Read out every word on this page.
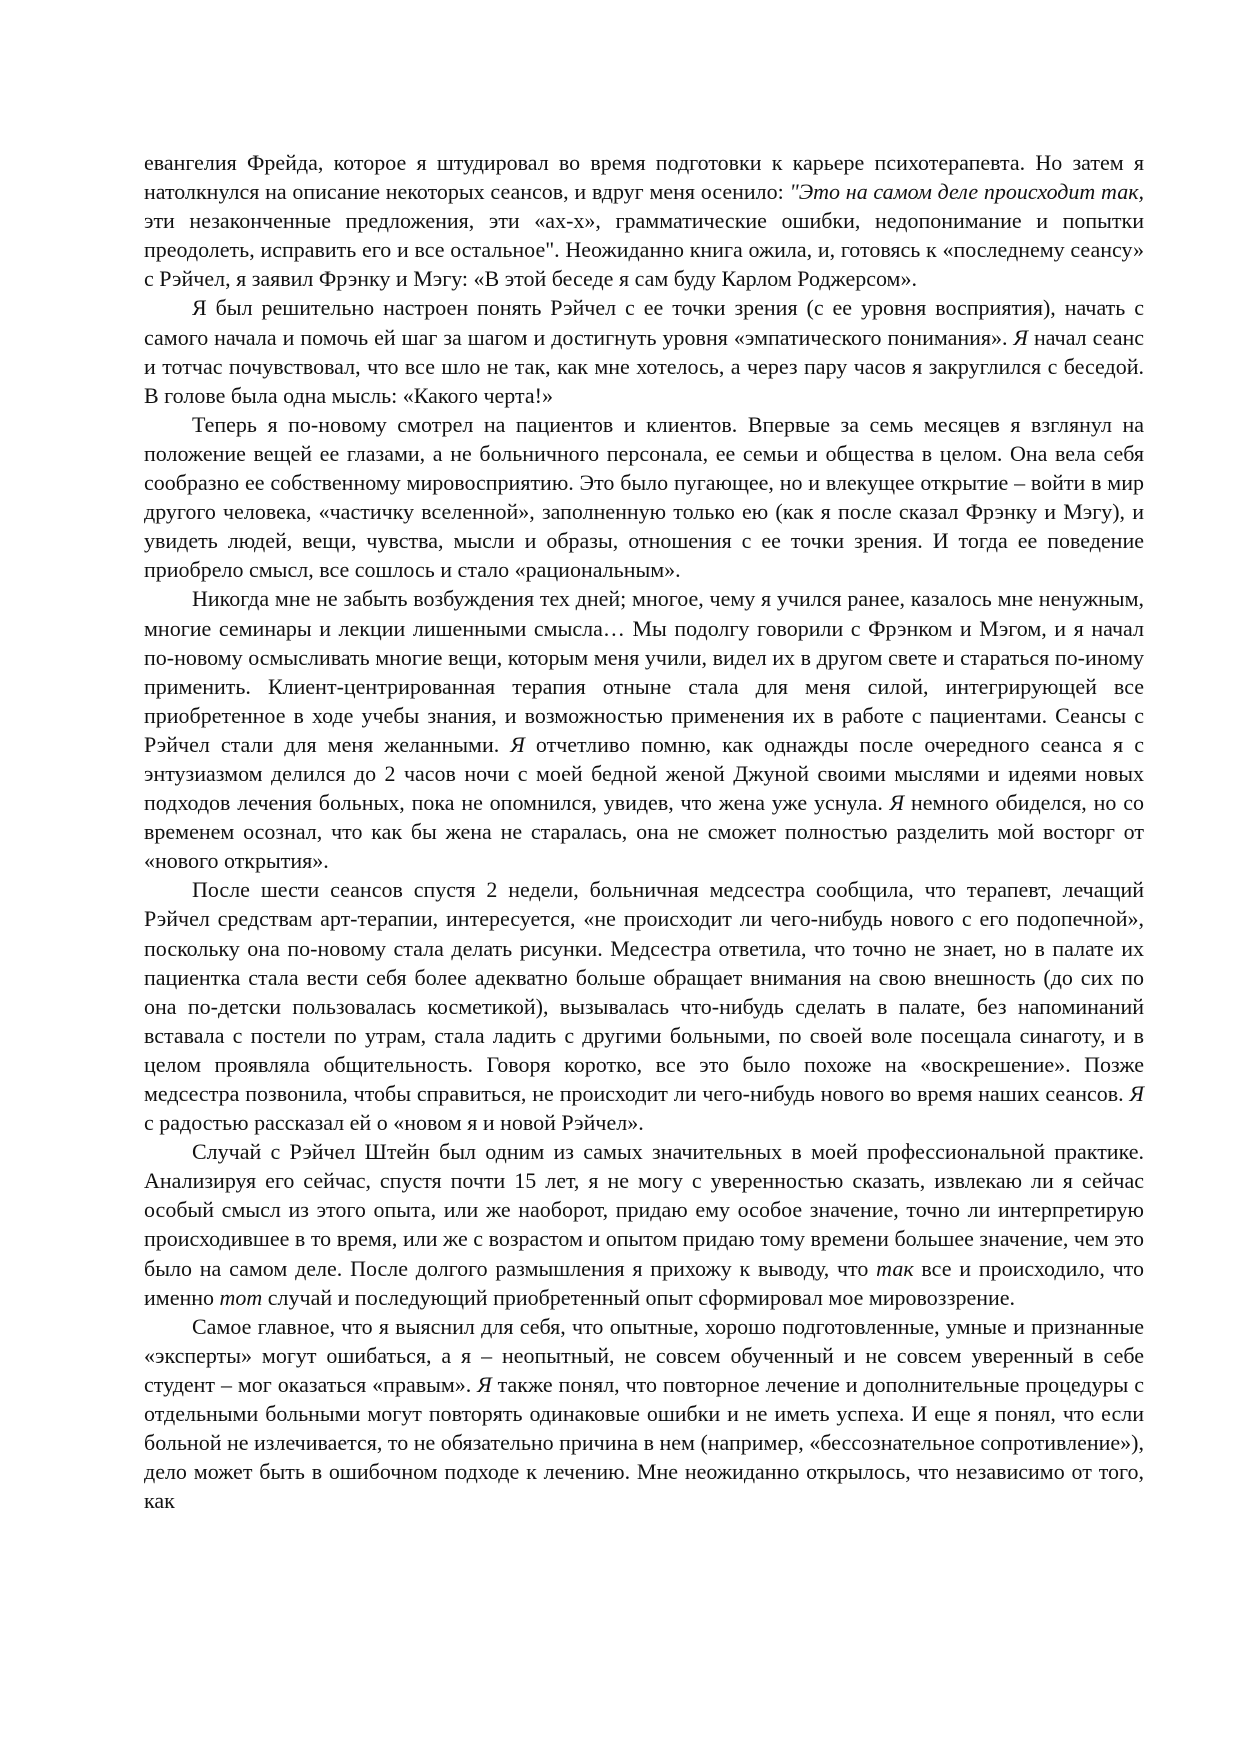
евангелия Фрейда, которое я штудировал во время подготовки к карьере психотерапевта. Но затем я натолкнулся на описание некоторых сеансов, и вдруг меня осенило: "Это на самом деле происходит так, эти незаконченные предложения, эти «ах-х», грамматические ошибки, недопонимание и попытки преодолеть, исправить его и все остальное". Неожиданно книга ожила, и, готовясь к «последнему сеансу» с Рэйчел, я заявил Фрэнку и Мэгу: «В этой беседе я сам буду Карлом Роджерсом».

Я был решительно настроен понять Рэйчел с ее точки зрения (с ее уровня восприятия), начать с самого начала и помочь ей шаг за шагом и достигнуть уровня «эмпатического понимания». Я начал сеанс и тотчас почувствовал, что все шло не так, как мне хотелось, а через пару часов я закруглился с беседой. В голове была одна мысль: «Какого черта!»

Теперь я по-новому смотрел на пациентов и клиентов. Впервые за семь месяцев я взглянул на положение вещей ее глазами, а не больничного персонала, ее семьи и общества в целом. Она вела себя сообразно ее собственному мировосприятию. Это было пугающее, но и влекущее открытие – войти в мир другого человека, «частичку вселенной», заполненную только ею (как я после сказал Фрэнку и Мэгу), и увидеть людей, вещи, чувства, мысли и образы, отношения с ее точки зрения. И тогда ее поведение приобрело смысл, все сошлось и стало «рациональным».

Никогда мне не забыть возбуждения тех дней; многое, чему я учился ранее, казалось мне ненужным, многие семинары и лекции лишенными смысла… Мы подолгу говорили с Фрэнком и Мэгом, и я начал по-новому осмысливать многие вещи, которым меня учили, видел их в другом свете и стараться по-иному применить. Клиент-центрированная терапия отныне стала для меня силой, интегрирующей все приобретенное в ходе учебы знания, и возможностью применения их в работе с пациентами. Сеансы с Рэйчел стали для меня желанными. Я отчетливо помню, как однажды после очередного сеанса я с энтузиазмом делился до 2 часов ночи с моей бедной женой Джуной своими мыслями и идеями новых подходов лечения больных, пока не опомнился, увидев, что жена уже уснула. Я немного обиделся, но со временем осознал, что как бы жена не старалась, она не сможет полностью разделить мой восторг от «нового открытия».

После шести сеансов спустя 2 недели, больничная медсестра сообщила, что терапевт, лечащий Рэйчел средствам арт-терапии, интересуется, «не происходит ли чего-нибудь нового с его подопечной», поскольку она по-новому стала делать рисунки. Медсестра ответила, что точно не знает, но в палате их пациентка стала вести себя более адекватно больше обращает внимания на свою внешность (до сих по она по-детски пользовалась косметикой), вызывалась что-нибудь сделать в палате, без напоминаний вставала с постели по утрам, стала ладить с другими больными, по своей воле посещала синаготу, и в целом проявляла общительность. Говоря коротко, все это было похоже на «воскрешение». Позже медсестра позвонила, чтобы справиться, не происходит ли чего-нибудь нового во время наших сеансов. Я с радостью рассказал ей о «новом я и новой Рэйчел».

Случай с Рэйчел Штейн был одним из самых значительных в моей профессиональной практике. Анализируя его сейчас, спустя почти 15 лет, я не могу с уверенностью сказать, извлекаю ли я сейчас особый смысл из этого опыта, или же наоборот, придаю ему особое значение, точно ли интерпретирую происходившее в то время, или же с возрастом и опытом придаю тому времени большее значение, чем это было на самом деле. После долгого размышления я прихожу к выводу, что так все и происходило, что именно тот случай и последующий приобретенный опыт сформировал мое мировоззрение.

Самое главное, что я выяснил для себя, что опытные, хорошо подготовленные, умные и признанные «эксперты» могут ошибаться, а я – неопытный, не совсем обученный и не совсем уверенный в себе студент – мог оказаться «правым». Я также понял, что повторное лечение и дополнительные процедуры с отдельными больными могут повторять одинаковые ошибки и не иметь успеха. И еще я понял, что если больной не излечивается, то не обязательно причина в нем (например, «бессознательное сопротивление»), дело может быть в ошибочном подходе к лечению. Мне неожиданно открылось, что независимо от того, как
